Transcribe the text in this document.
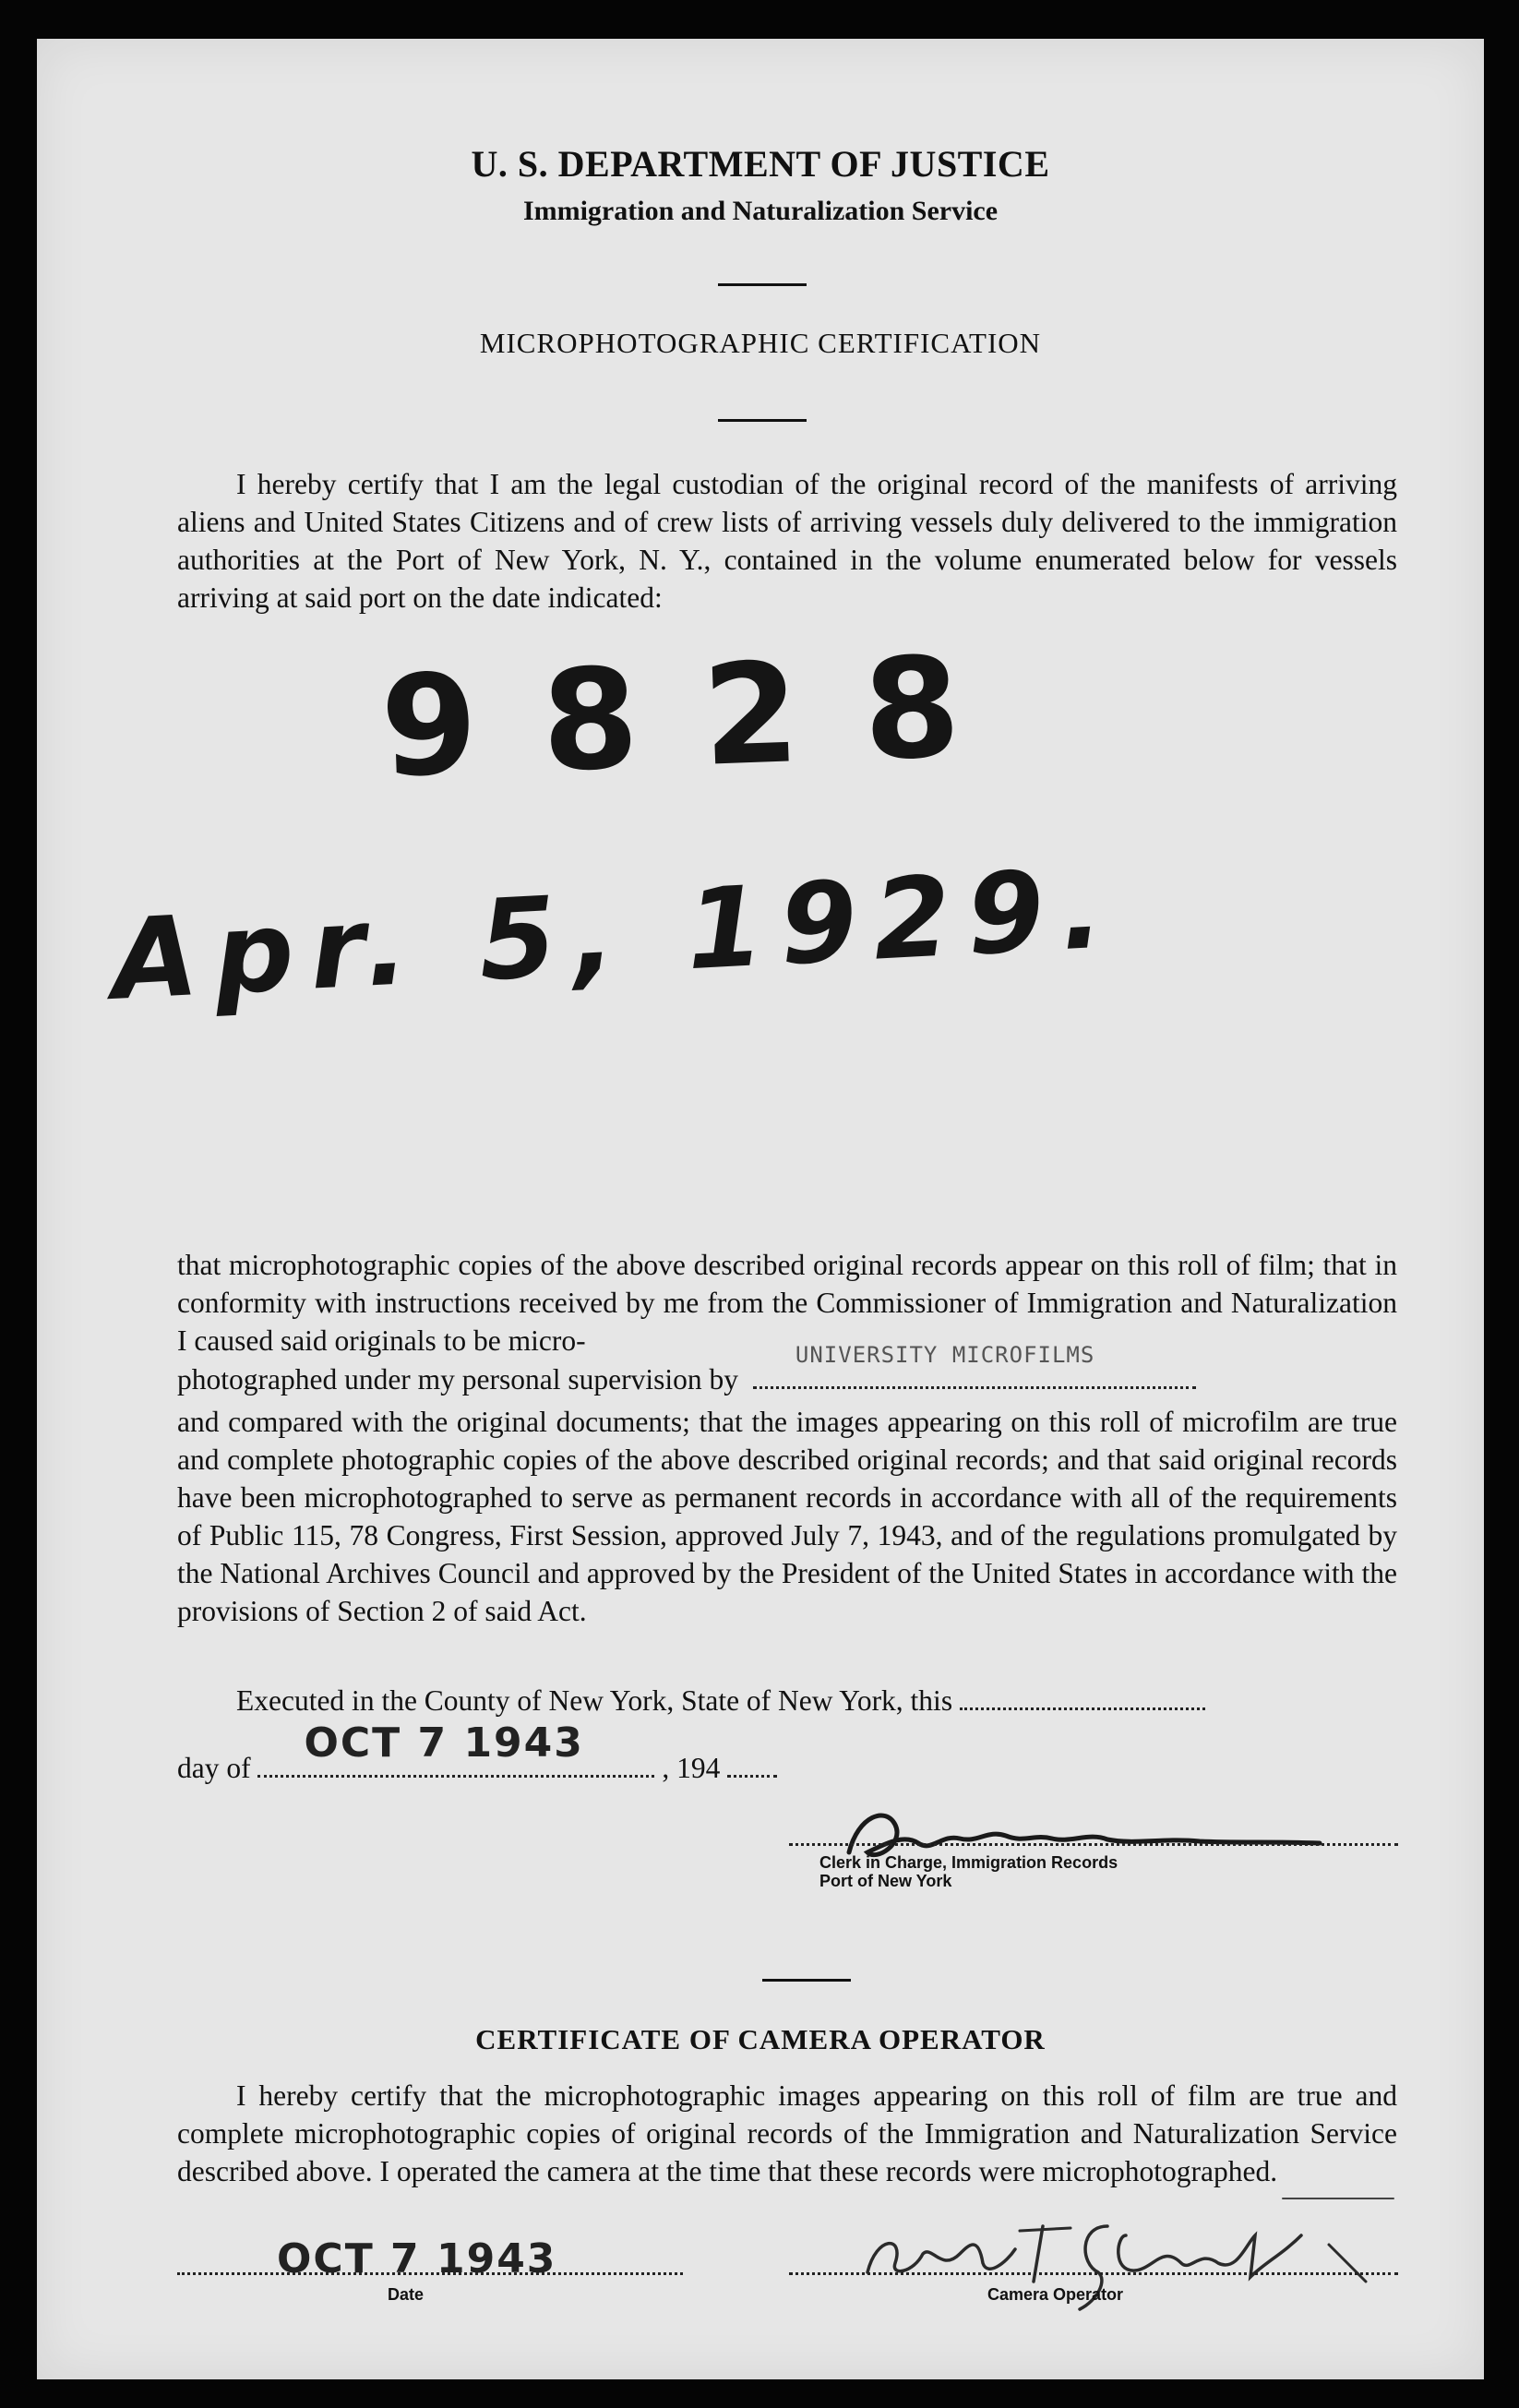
U. S. DEPARTMENT OF JUSTICE
Immigration and Naturalization Service
MICROPHOTOGRAPHIC CERTIFICATION
I hereby certify that I am the legal custodian of the original record of the manifests of arriving aliens and United States Citizens and of crew lists of arriving vessels duly delivered to the immigration authorities at the Port of New York, N. Y., contained in the volume enumerated below for vessels arriving at said port on the date indicated:
9828
Apr. 5, 1929.
that microphotographic copies of the above described original records appear on this roll of film; that in conformity with instructions received by me from the Commissioner of Immigration and Naturalization I caused said originals to be micro-
photographed under my personal supervision by
UNIVERSITY MICROFILMS
and compared with the original documents; that the images appearing on this roll of microfilm are true and complete photographic copies of the above described original records; and that said original records have been microphotographed to serve as permanent records in accordance with all of the requirements of Public 115, 78 Congress, First Session, approved July 7, 1943, and of the regulations promulgated by the National Archives Council and approved by the President of the United States in accordance with the provisions of Section 2 of said Act.
Executed in the County of New York, State of New York, this
day of
OCT 7 1943
, 194
Clerk in Charge, Immigration Records
Port of New York
CERTIFICATE OF CAMERA OPERATOR
I hereby certify that the microphotographic images appearing on this roll of film are true and complete microphotographic copies of original records of the Immigration and Naturalization Service described above. I operated the camera at the time that these records were microphotographed.
OCT 7 1943
Date	Camera Operator
